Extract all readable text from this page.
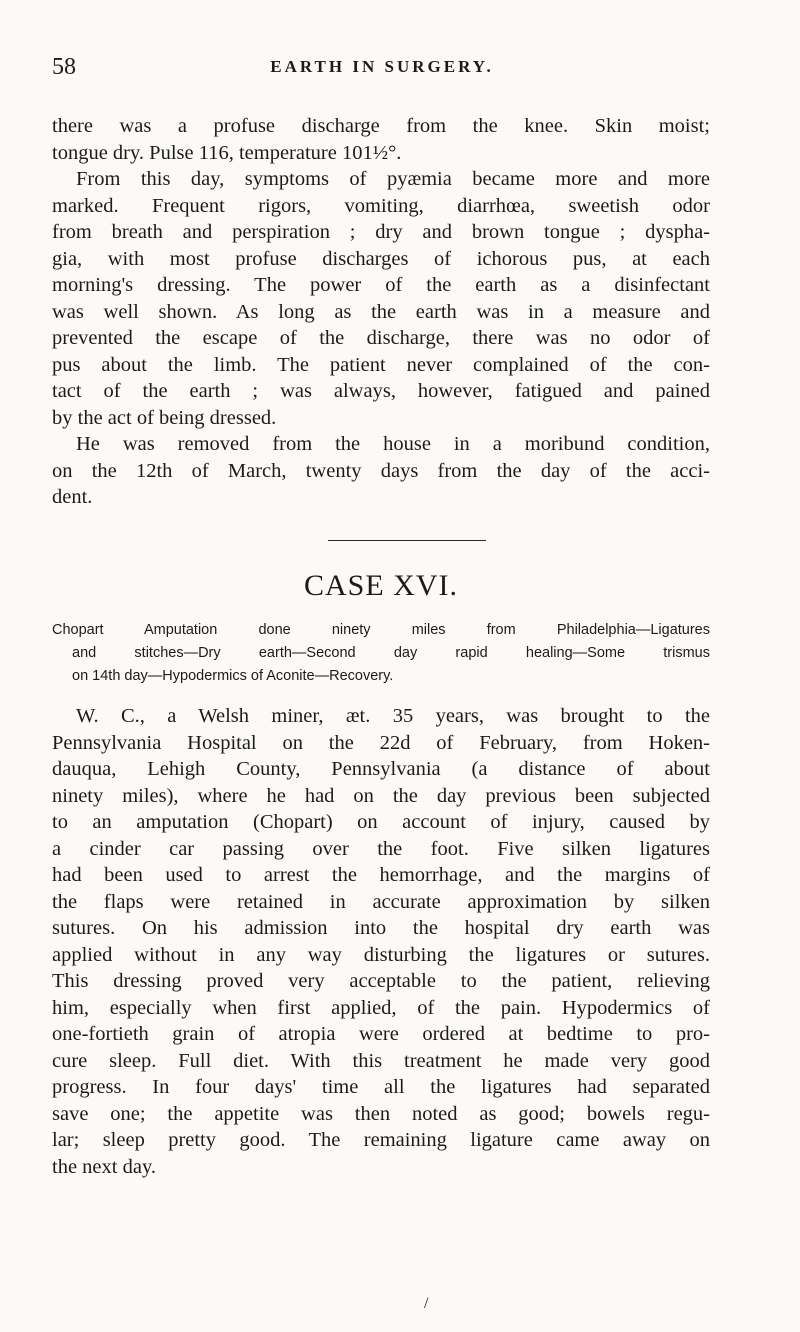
58	EARTH IN SURGERY.
there was a profuse discharge from the knee. Skin moist;
tongue dry. Pulse 116, temperature 101½°.
From this day, symptoms of pyæmia became more and more
marked. Frequent rigors, vomiting, diarrhœa, sweetish odor
from breath and perspiration ; dry and brown tongue ; dyspha-
gia, with most profuse discharges of ichorous pus, at each
morning's dressing. The power of the earth as a disinfectant
was well shown. As long as the earth was in a measure and
prevented the escape of the discharge, there was no odor of
pus about the limb. The patient never complained of the con-
tact of the earth ; was always, however, fatigued and pained
by the act of being dressed.
He was removed from the house in a moribund condition,
on the 12th of March, twenty days from the day of the acci-
dent.
CASE XVI.
Chopart Amputation done ninety miles from Philadelphia—Ligatures
and stitches—Dry earth—Second day rapid healing—Some trismus
on 14th day—Hypodermics of Aconite—Recovery.
W. C., a Welsh miner, æt. 35 years, was brought to the
Pennsylvania Hospital on the 22d of February, from Hoken-
dauqua, Lehigh County, Pennsylvania (a distance of about
ninety miles), where he had on the day previous been subjected
to an amputation (Chopart) on account of injury, caused by
a cinder car passing over the foot. Five silken ligatures
had been used to arrest the hemorrhage, and the margins of
the flaps were retained in accurate approximation by silken
sutures. On his admission into the hospital dry earth was
applied without in any way disturbing the ligatures or sutures.
This dressing proved very acceptable to the patient, relieving
him, especially when first applied, of the pain. Hypodermics of
one-fortieth grain of atropia were ordered at bedtime to pro-
cure sleep. Full diet. With this treatment he made very good
progress. In four days' time all the ligatures had separated
save one; the appetite was then noted as good; bowels regu-
lar; sleep pretty good. The remaining ligature came away on
the next day.
/
